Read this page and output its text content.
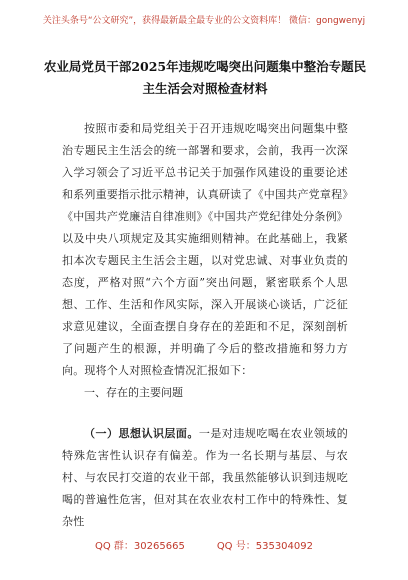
关注头条号“公文研究”，获得最新最全最专业的公文资料库！ 微信：gongwenyj
农业局党员干部2025年违规吃喝突出问题集中整治专题民
主生活会对照检查材料
按照市委和局党组关于召开违规吃喝突出问题集中整治专题民主生活会的统一部署和要求，会前，我再一次深入学习领会了习近平总书记关于加强作风建设的重要论述和系列重要指示批示精神，认真研读了《中国共产党章程》《中国共产党廉洁自律准则》《中国共产党纪律处分条例》以及中央八项规定及其实施细则精神。在此基础上，我紧扣本次专题民主生活会主题，以对党忠诚、对事业负责的态度，严格对照“六个方面”突出问题，紧密联系个人思想、工作、生活和作风实际，深入开展谈心谈话，广泛征求意见建议，全面查摆自身存在的差距和不足，深刻剖析了问题产生的根源，并明确了今后的整改措施和努力方向。现将个人对照检查情况汇报如下：
一、存在的主要问题
（一）思想认识层面。一是对违规吃喝在农业领域的特殊危害性认识存有偏差。作为一名长期与基层、与农村、与农民打交道的农业干部，我虽然能够认识到违规吃喝的普遍性危害，但对其在农业农村工作中的特殊性、复杂性
QQ 群：30265665	QQ 号：535304092
